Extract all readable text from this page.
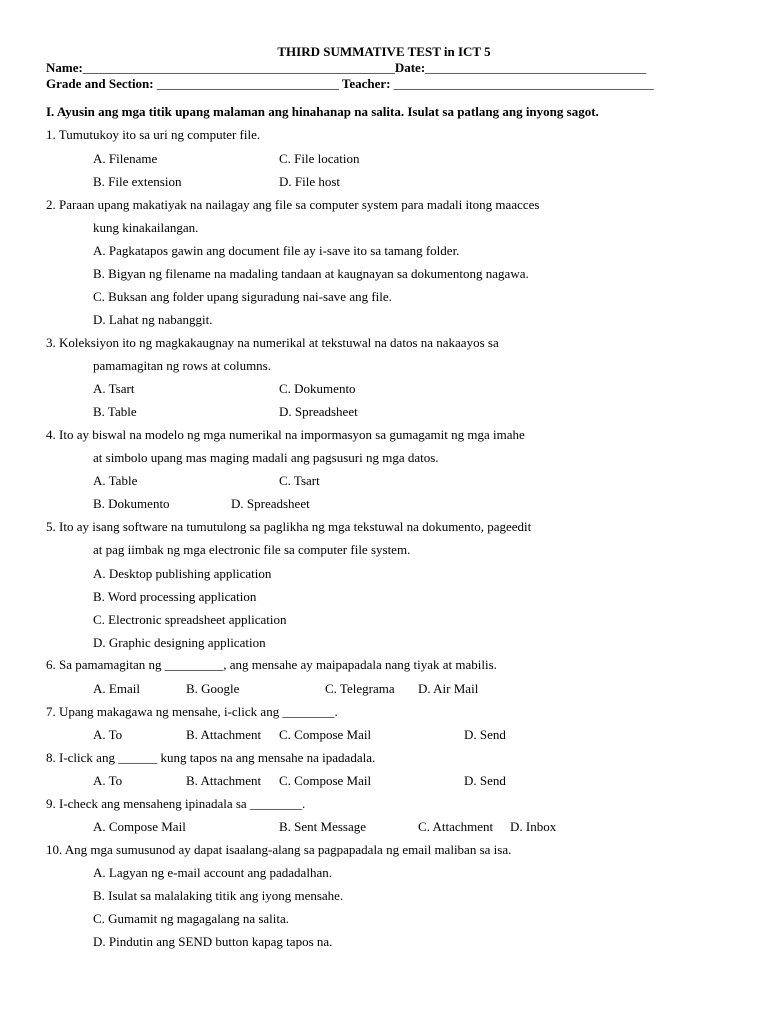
THIRD SUMMATIVE TEST in ICT 5
Name:________________________________________________Date:__________________________________
Grade and Section: ____________________________ Teacher: ________________________________________
I. Ayusin ang mga titik upang malaman ang hinahanap na salita. Isulat sa patlang ang inyong sagot.
1. Tumutukoy ito sa uri ng computer file.
A. Filename	C. File location
B. File extension	D. File host
2. Paraan upang makatiyak na nailagay ang file sa computer system para madali itong maacces
kung kinakailangan.
A. Pagkatapos gawin ang document file ay i-save ito sa tamang folder.
B. Bigyan ng filename na madaling tandaan at kaugnayan sa dokumentong nagawa.
C. Buksan ang folder upang siguradung nai-save ang file.
D. Lahat ng nabanggit.
3. Koleksiyon ito ng magkakaugnay na numerikal at tekstuwal na datos na nakaayos sa
pamamagitan ng rows at columns.
A. Tsart	C. Dokumento
B. Table	D. Spreadsheet
4. Ito ay biswal na modelo ng mga numerikal na impormasyon sa gumagamit ng mga imahe
at simbolo upang mas maging madali ang pagsusuri ng mga datos.
A. Table	C. Tsart
B. Dokumento	D. Spreadsheet
5. Ito ay isang software na tumutulong sa paglikha ng mga tekstuwal na dokumento, pageedit
at pag iimbak ng mga electronic file sa computer file system.
A. Desktop publishing application
B. Word processing application
C. Electronic spreadsheet application
D. Graphic designing application
6. Sa pamamagitan ng _________, ang mensahe ay maipapadala nang tiyak at mabilis.
A. Email	B. Google	C. Telegrama D. Air Mail
7. Upang makagawa ng mensahe, i-click ang ________.
A. To	B. Attachment C. Compose Mail	D. Send
8. I-click ang ______ kung tapos na ang mensahe na ipadadala.
A. To	B. Attachment C. Compose Mail	D. Send
9. I-check ang mensaheng ipinadala sa ________.
A. Compose Mail	B. Sent Message	C. Attachment D. Inbox
10. Ang mga sumusunod ay dapat isaalang-alang sa pagpapadala ng email maliban sa isa.
A. Lagyan ng e-mail account ang padadalhan.
B. Isulat sa malalaking titik ang iyong mensahe.
C. Gumamit ng magagalang na salita.
D. Pindutin ang SEND button kapag tapos na.
